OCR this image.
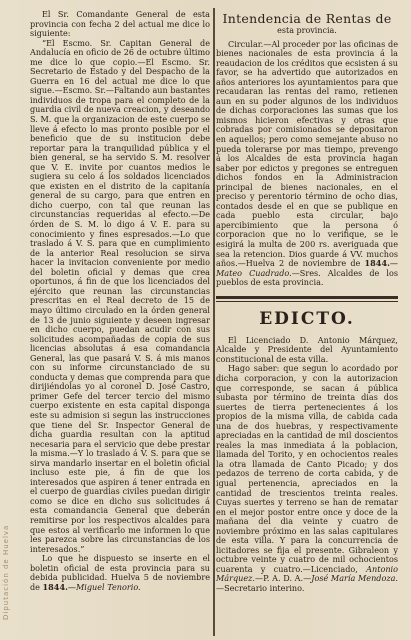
Diputación de Huelva

El Sr. Comandante General de esta provincia con fecha 2 del actual me dice lo siguiente:

“El Escmo. Sr. Capitan General de Andalucía en oficio de 26 de octubre último me dice lo que copio.—El Escmo. Sr. Secretario de Estado y del Despacho de la Guerra en 16 del actual me dice lo que sigue.—Escmo. Sr.—Faltando aun bastantes individuos de tropa para el completo de la guardia civil de nueva creacion, y deseando S. M. que la organizacion de este cuerpo se lleve á efecto lo mas pronto posible por el beneficio que de su institucion debe reportar para la tranquilidad pública y el bien general, se ha servido S. M. resolver que V. E. invite por cuantos medios le sugiera su celo á los soldados licenciados que existen en el distrito de la capitanía general de su cargo, para que entren en dicho cuerpo, con tal que reunan las circunstancias requeridas al efecto.—De órden de S. M. lo digo á V. E. para su conocimiento y fines espresados.—Lo que traslado á V. S. para que en cumplimiento de la anterior Real resolucion se sirva hacer la invitacion conveniente por medio del boletin oficial y demas que crea oportunos, á fin de que los licenciados del ejército que reunan las circunstancias prescritas en el Real decreto de 15 de mayo último circulado en la órden general de 13 de junio siguiente y deseen ingresar en dicho cuerpo, puedan acudir con sus solicitudes acompañadas de copia de sus licencias absolutas á esa comandancia General, las que pasará V. S. á mis manos con su informe circunstanciado de su conducta y demas que comprenda para que dirijiéndolas yo al coronel D. José Castro, primer Gefe del tercer tercio del mismo cuerpo existente en esta capital disponga este su admision si segun las instrucciones que tiene del Sr. Inspector General de dicha guardia resultan con la aptitud necesaria para el servicio que debe prestar la misma.—Y lo traslado á V. S. para que se sirva mandarlo insertar en el boletin oficial incluso este pie, á fin de que los interesados que aspiren á tener entrada en el cuerpo de guardias civiles puedan dirigir como se dice en dicho sus solicitudes á esta comandancia General que deberán remitirse por los respectivos alcaldes para que estos al verificarlo me informen lo que les parezca sobre las circunstancias de los interesados.”

Lo que he dispuesto se inserte en el boletin oficial de esta provincia para su debida publicidad. Huelva 5 de noviembre de 1844.—Miguel Tenorio.

Intendencia de Rentas de
esta provincia.

Circular.—Al proceder por las oficinas de bienes nacionales de esta provincia á la reaudacion de los créditos que ecsisten á su favor, se ha advertido que autorizados en años anteriores los ayuntamientos para que recaudaran las rentas del ramo, retienen aun en su poder algunos de los individuos de dichas corporaciones las sumas que los mismos hicieron efectivas y otras que cobradas por comisionados se depositaron en aquellos; pero como semejante abuso no pueda tolerarse por mas tiempo, prevengo á los Alcaldes de esta provincia hagan saber por edictos y pregones se entreguen dichos fondos en la Administracion principal de bienes nacionales, en el preciso y perentorio término de ocho dias, contados desde el en que se publique en cada pueblo esta circular, bajo apercibimiento que la persona ó corporacion que no lo verifique, se le esigirá la multa de 200 rs. averiguada que sea la retencion. Dios guarde á VV. muchos años.—Huelva 2 de noviembre de 1844.—Mateo Cuadrado.—Sres. Alcaldes de los pueblos de esta provincia.

EDICTO.

El Licenciado D. Antonio Márquez, Alcalde y Presidente del Ayuntamiento constitucional de esta villa.

Hago saber: que segun lo acordado por dicha corporacion, y con la autorizacion que corresponde, se sacan á pública subasta por término de treinta dias dos suertes de tierra pertenecientes á los propios de la misma villa, de cabida cada una de dos huebras, y respectivamente apreciadas en la cantidad de mil doscientos reales la mas inmediata á la poblacion, llamada del Torito, y en ochocientos reales la otra llamada de Canto Picado; y dos pedazos de terreno de corta cabida, y de igual pertenencia, apreciados en la cantidad de trescientos treinta reales. Cuyas suertes y terreno se han de rematar en el mejor postor entre once y doce de la mañana del dia veinte y cuatro de noviembre próximo en las salas capitulares de esta villa. Y para la concurrencia de licitadores se fija el presente. Gibraleon y octubre veinte y cuatro de mil ochocientos cuarenta y cuatro.—Licenciado, Antonio Márquez.—P. A. D. A.—José María Mendoza.—Secretario interino.
